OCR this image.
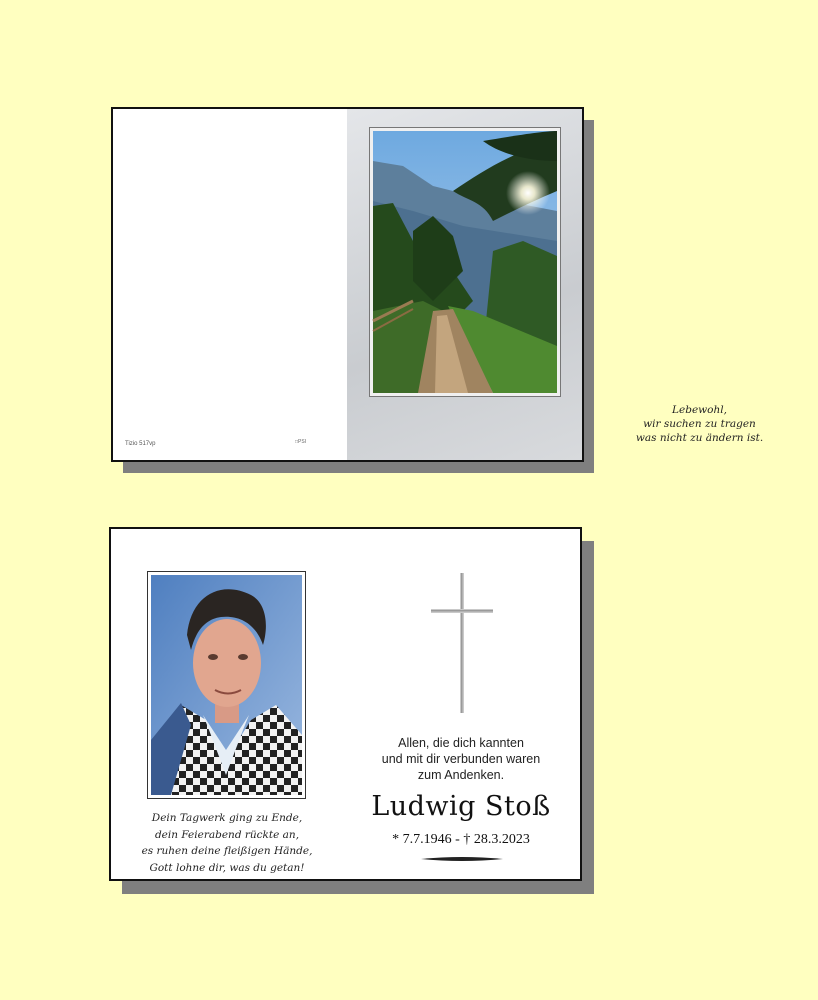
Tizio 517vp	□PSI
Lebewohl,
wir suchen zu tragen
was nicht zu ändern ist.
Dein Tagwerk ging zu Ende,
dein Feierabend rückte an,
es ruhen deine fleißigen Hände,
Gott lohne dir, was du getan!
Allen, die dich kannten
und mit dir verbunden waren
zum Andenken.
Ludwig Stoß
* 7.7.1946 - † 28.3.2023
